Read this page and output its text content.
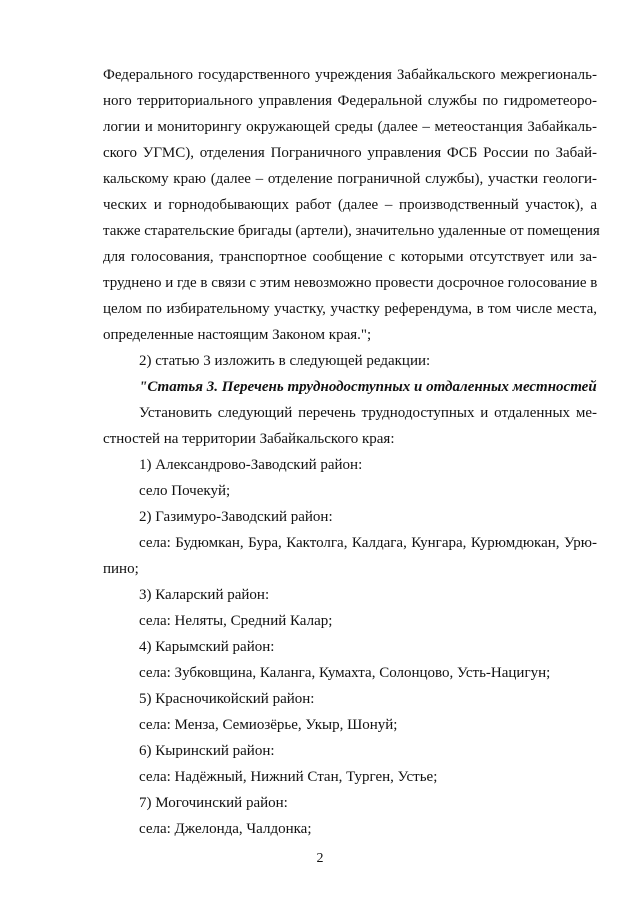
Федерального государственного учреждения Забайкальского межрегиональ-
ного территориального управления Федеральной службы по гидрометеоро-
логии и мониторингу окружающей среды (далее – метеостанция Забайкаль-
ского УГМС), отделения Пограничного управления ФСБ России по Забай-
кальскому краю (далее – отделение пограничной службы), участки геологи-
ческих и горнодобывающих работ (далее – производственный участок), а
также старательские бригады (артели), значительно удаленные от помещения
для голосования, транспортное сообщение с которыми отсутствует или за-
труднено и где в связи с этим невозможно провести досрочное голосование в
целом по избирательному участку, участку референдума, в том числе места,
определенные настоящим Законом края.";
2) статью 3 изложить в следующей редакции:
"Статья 3. Перечень труднодоступных и отдаленных местностей
Установить следующий перечень труднодоступных и отдаленных ме-
стностей на территории Забайкальского края:
1) Александрово-Заводский район:
село Почекуй;
2) Газимуро-Заводский район:
села: Будюмкан, Бура, Кактолга, Калдага, Кунгара, Курюмдюкан, Урю-
пино;
3) Каларский район:
села: Неляты, Средний Калар;
4) Карымский район:
села: Зубковщина, Каланга, Кумахта, Солонцово, Усть-Нацигун;
5) Красночикойский район:
села: Менза, Семиозёрье, Укыр, Шонуй;
6) Кыринский район:
села: Надёжный, Нижний Стан, Турген, Устье;
7) Могочинский район:
села: Джелонда, Чалдонка;
2
